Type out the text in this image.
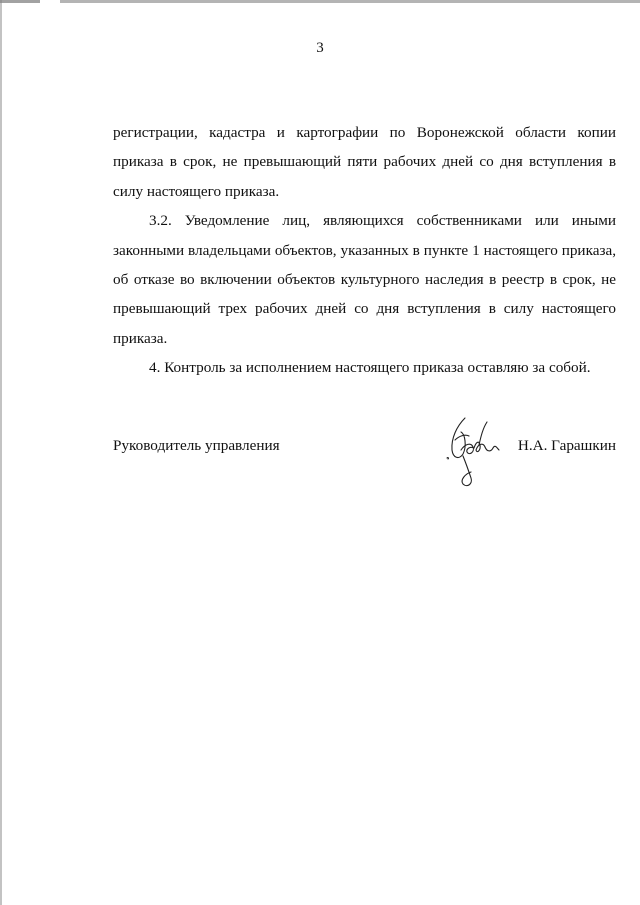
3

регистрации, кадастра и картографии по Воронежской области копии приказа в срок, не превышающий пяти рабочих дней со дня вступления в силу настоящего приказа.

3.2. Уведомление лиц, являющихся собственниками или иными законными владельцами объектов, указанных в пункте 1 настоящего приказа, об отказе во включении объектов культурного наследия в реестр в срок, не превышающий трех рабочих дней со дня вступления в силу настоящего приказа.

4. Контроль за исполнением настоящего приказа оставляю за собой.

Руководитель управления	Н.А. Гарашкин
